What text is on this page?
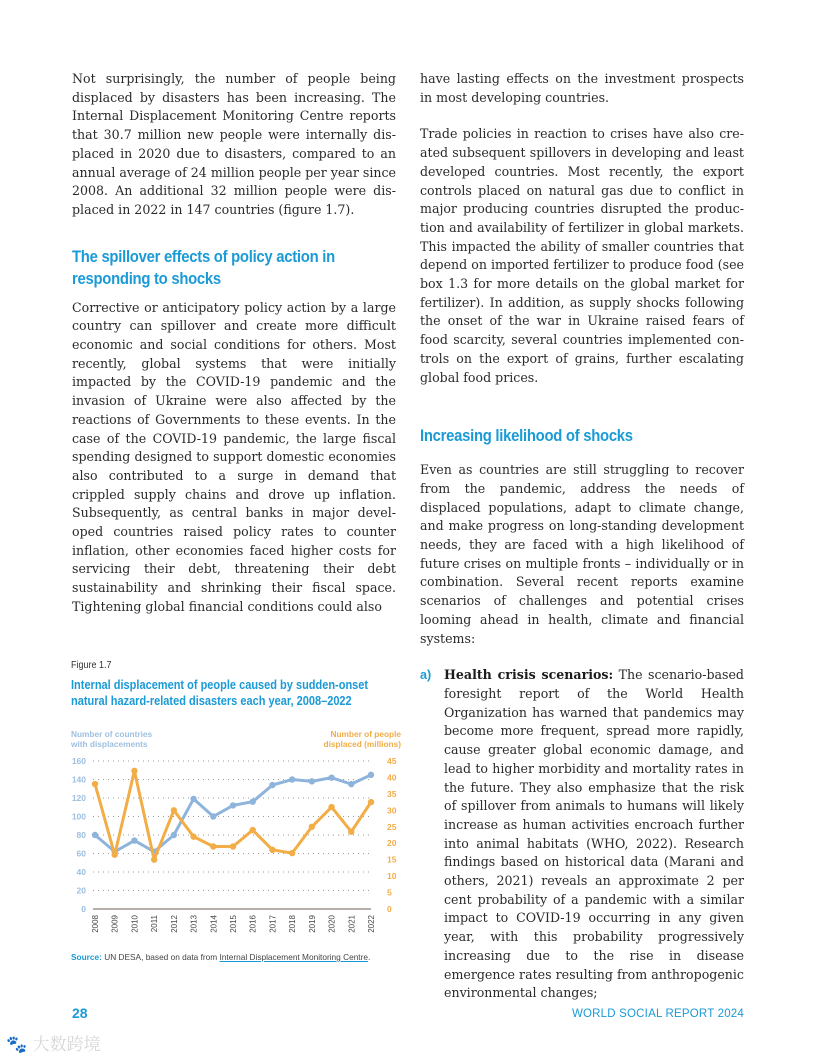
Not surprisingly, the number of people being displaced by disasters has been increasing. The Internal Displacement Monitoring Centre reports that 30.7 million new people were internally displaced in 2020 due to disasters, compared to an annual average of 24 million people per year since 2008. An additional 32 million people were displaced in 2022 in 147 countries (figure 1.7).

The spillover effects of policy action in
responding to shocks

Corrective or anticipatory policy action by a large country can spillover and create more difficult economic and social conditions for others. Most recently, global systems that were initially impacted by the COVID-19 pandemic and the invasion of Ukraine were also affected by the reactions of Governments to these events. In the case of the COVID-19 pandemic, the large fiscal spending designed to support domestic economies also contributed to a surge in demand that crippled supply chains and drove up inflation. Subsequently, as central banks in major developed countries raised policy rates to counter inflation, other economies faced higher costs for servicing their debt, threatening their debt sustainability and shrinking their fiscal space. Tightening global financial conditions could also

have lasting effects on the investment prospects in most developing countries.

Trade policies in reaction to crises have also created subsequent spillovers in developing and least developed countries. Most recently, the export controls placed on natural gas due to conflict in major producing countries disrupted the production and availability of fertilizer in global markets. This impacted the ability of smaller countries that depend on imported fertilizer to produce food (see box 1.3 for more details on the global market for fertilizer). In addition, as supply shocks following the onset of the war in Ukraine raised fears of food scarcity, several countries implemented controls on the export of grains, further escalating global food prices.

Increasing likelihood of shocks

Even as countries are still struggling to recover from the pandemic, address the needs of displaced populations, adapt to climate change, and make progress on long-standing development needs, they are faced with a high likelihood of future crises on multiple fronts – individually or in combination. Several recent reports examine scenarios of challenges and potential crises looming ahead in health, climate and financial systems:

a) Health crisis scenarios: The scenario-based foresight report of the World Health Organization has warned that pandemics may become more frequent, spread more rapidly, cause greater global economic damage, and lead to higher morbidity and mortality rates in the future. They also emphasize that the risk of spillover from animals to humans will likely increase as human activities encroach further into animal habitats (WHO, 2022). Research findings based on historical data (Marani and others, 2021) reveals an approximate 2 per cent probability of a pandemic with a similar impact to COVID-19 occurring in any given year, with this probability progressively increasing due to the rise in disease emergence rates resulting from anthropogenic environmental changes;

Figure 1.7
Internal displacement of people caused by sudden-onset
natural hazard-related disasters each year, 2008–2022
Number of countries
with displacements
Number of people
displaced (millions)
0
20
40
60
80
100
120
140
160
0
5
10
15
20
25
30
35
40
45
2008 2009 2010 2011 2012 2013 2014 2015 2016 2017 2018 2019 2020 2021 2022
Source: UN DESA, based on data from Internal Displacement Monitoring Centre.
28	WORLD SOCIAL REPORT 2024
🐾 大数跨境
